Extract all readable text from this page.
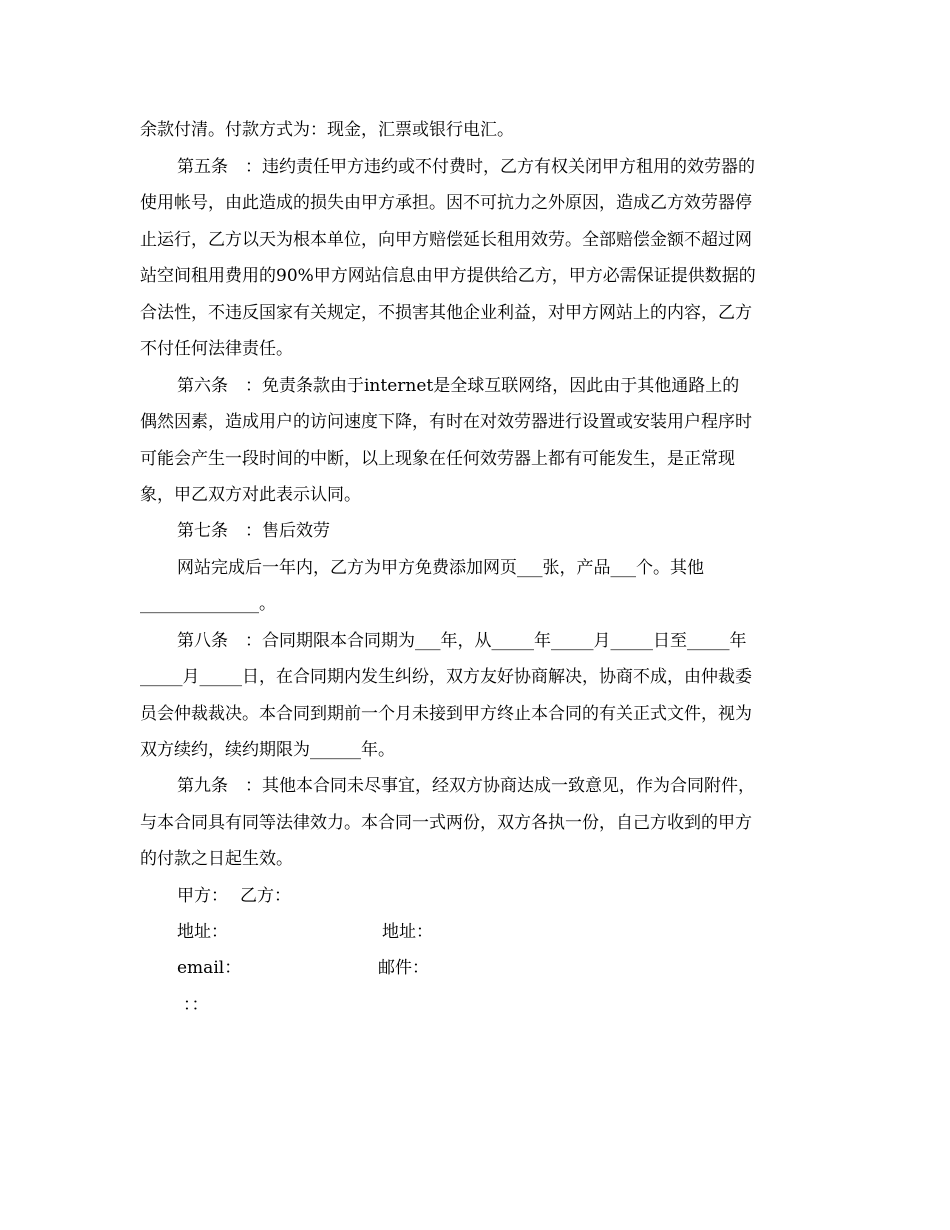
余款付清。付款方式为：现金，汇票或银行电汇。
第五条　：违约责任甲方违约或不付费时，乙方有权关闭甲方租用的效劳器的
使用帐号，由此造成的损失由甲方承担。因不可抗力之外原因，造成乙方效劳器停
止运行，乙方以天为根本单位，向甲方赔偿延长租用效劳。全部赔偿金额不超过网
站空间租用费用的90%甲方网站信息由甲方提供给乙方，甲方必需保证提供数据的
合法性，不违反国家有关规定，不损害其他企业利益，对甲方网站上的内容，乙方
不付任何法律责任。
第六条　：免责条款由于internet是全球互联网络，因此由于其他通路上的
偶然因素，造成用户的访问速度下降，有时在对效劳器进行设置或安装用户程序时
可能会产生一段时间的中断，以上现象在任何效劳器上都有可能发生，是正常现
象，甲乙双方对此表示认同。
第七条　：售后效劳
网站完成后一年内，乙方为甲方免费添加网页___张，产品___个。其他
______________。
第八条　：合同期限本合同期为___年，从_____年_____月_____日至_____年
_____月_____日，在合同期内发生纠纷，双方友好协商解决，协商不成，由仲裁委
员会仲裁裁决。本合同到期前一个月未接到甲方终止本合同的有关正式文件，视为
双方续约，续约期限为______年。
第九条　：其他本合同未尽事宜，经双方协商达成一致意见，作为合同附件，
与本合同具有同等法律效力。本合同一式两份，双方各执一份，自己方收到的甲方
的付款之日起生效。
甲方： 乙方：
地址：	地址：
email：	邮件：
：：
